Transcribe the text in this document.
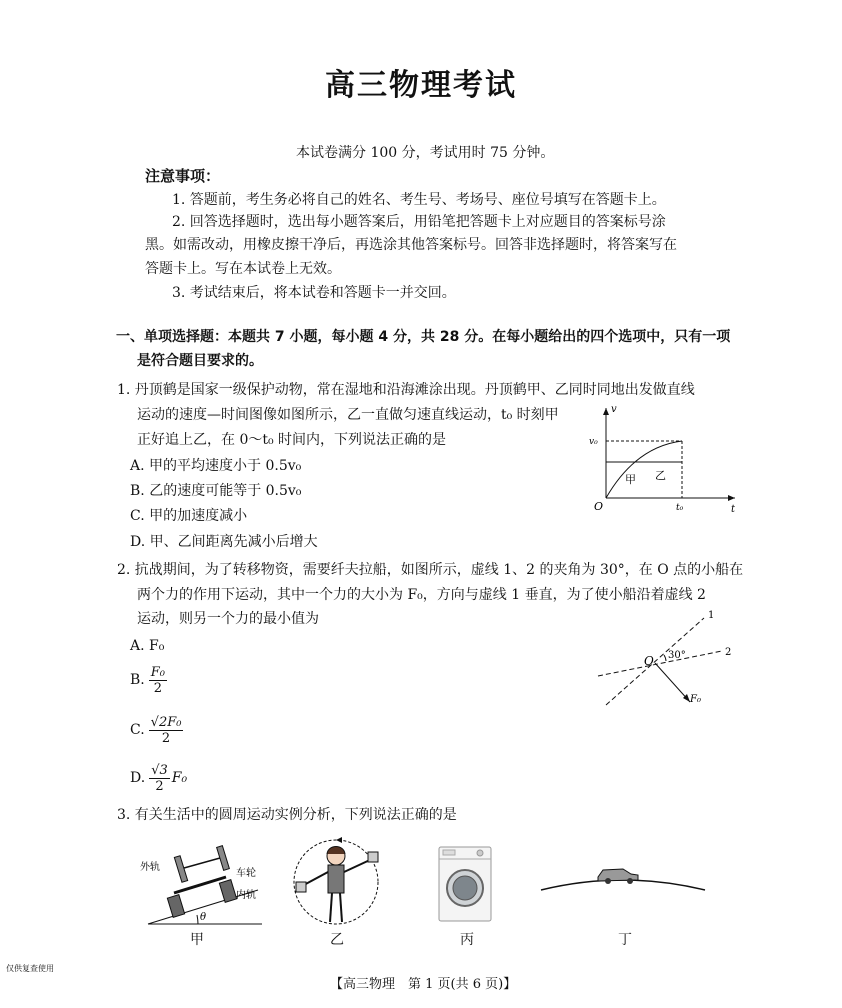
高三物理考试
本试卷满分 100 分，考试用时 75 分钟。
注意事项：
1. 答题前，考生务必将自己的姓名、考生号、考场号、座位号填写在答题卡上。
2. 回答选择题时，选出每小题答案后，用铅笔把答题卡上对应题目的答案标号涂
黑。如需改动，用橡皮擦干净后，再选涂其他答案标号。回答非选择题时，将答案写在
答题卡上。写在本试卷上无效。
3. 考试结束后，将本试卷和答题卡一并交回。
一、单项选择题：本题共 7 小题，每小题 4 分，共 28 分。在每小题给出的四个选项中，只有一项
是符合题目要求的。
1. 丹顶鹤是国家一级保护动物，常在湿地和沿海滩涂出现。丹顶鹤甲、乙同时同地出发做直线
运动的速度—时间图像如图所示，乙一直做匀速直线运动，t₀ 时刻甲
正好追上乙，在 0～t₀ 时间内，下列说法正确的是
A. 甲的平均速度小于 0.5v₀
B. 乙的速度可能等于 0.5v₀
C. 甲的加速度减小
D. 甲、乙间距离先减小后增大
v
t
O
v₀
t₀
甲 乙
2. 抗战期间，为了转移物资，需要纤夫拉船，如图所示，虚线 1、2 的夹角为 30°，在 O 点的小船在
两个力的作用下运动，其中一个力的大小为 F₀，方向与虚线 1 垂直，为了使小船沿着虚线 2
运动，则另一个力的最小值为
A. F₀
B. $\frac{\text{F₀}}{2}$
C. $\frac{\text{√2F₀}}{2}$
D. $\frac{√3}{2} F_0$
1
2
O 30°
F₀
3. 有关生活中的圆周运动实例分析，下列说法正确的是
外轨
车轮
内轨
θ
甲	乙	丙	丁
仅供复查使用
【高三物理　第 1 页(共 6 页)】
